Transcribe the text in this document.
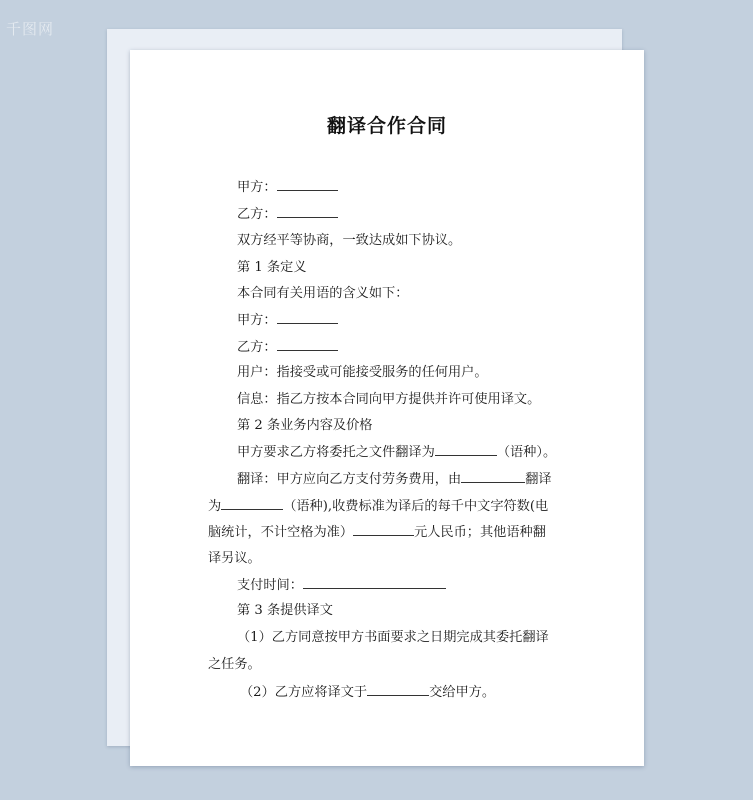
千图网
翻译合作合同
甲方：
乙方：
双方经平等协商，一致达成如下协议。
第 1 条定义
本合同有关用语的含义如下：
甲方：
乙方：
用户：指接受或可能接受服务的任何用户。
信息：指乙方按本合同向甲方提供并许可使用译文。
第 2 条业务内容及价格
甲方要求乙方将委托之文件翻译为	（语种）。
翻译：甲方应向乙方支付劳务费用，由	翻译
为	（语种),收费标准为译后的每千中文字符数(电
脑统计，不计空格为准）	元人民币；其他语种翻
译另议。
支付时间：
第 3 条提供译文
（1）乙方同意按甲方书面要求之日期完成其委托翻译
之任务。
（2）乙方应将译文于	交给甲方。
